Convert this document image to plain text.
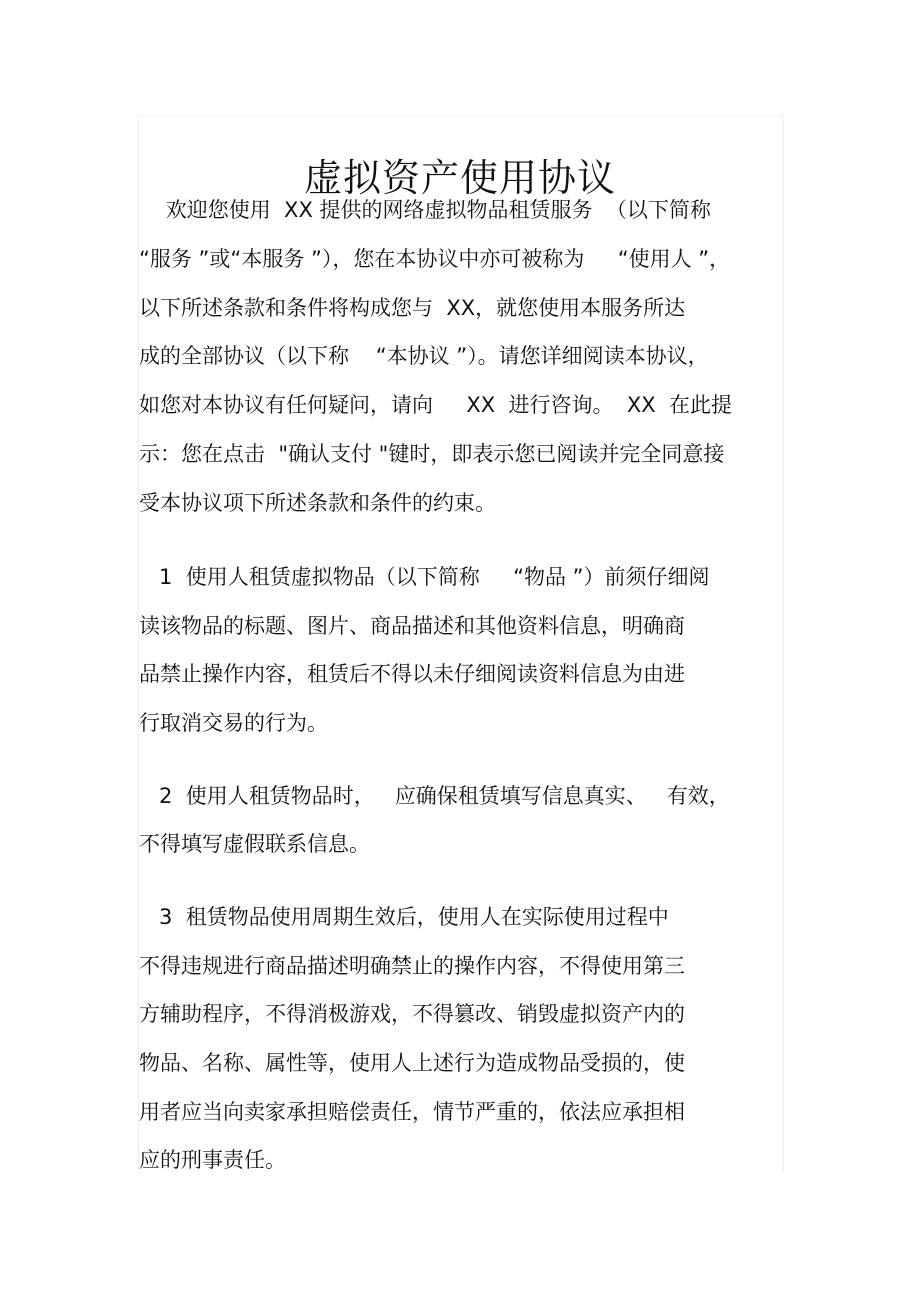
虚拟资产使用协议
欢迎您使用  XX 提供的网络虚拟物品租赁服务  （以下简称
“服务 ”或“本服务 ”），您在本协议中亦可被称为     “使用人 ”，
以下所述条款和条件将构成您与  XX，就您使用本服务所达
成的全部协议（以下称    “本协议 ”）。请您详细阅读本协议，
如您对本协议有任何疑问，请向     XX  进行咨询。  XX  在此提
示：您在点击  "确认支付 "键时，即表示您已阅读并完全同意接
受本协议项下所述条款和条件的约束。
1  使用人租赁虚拟物品（以下简称     “物品 ”）前须仔细阅
读该物品的标题、图片、商品描述和其他资料信息，明确商
品禁止操作内容，租赁后不得以未仔细阅读资料信息为由进
行取消交易的行为。
2  使用人租赁物品时，   应确保租赁填写信息真实、   有效，
不得填写虚假联系信息。
3  租赁物品使用周期生效后，使用人在实际使用过程中
不得违规进行商品描述明确禁止的操作内容，不得使用第三
方辅助程序，不得消极游戏，不得篡改、销毁虚拟资产内的
物品、名称、属性等，使用人上述行为造成物品受损的，使
用者应当向卖家承担赔偿责任，情节严重的，依法应承担相
应的刑事责任。
